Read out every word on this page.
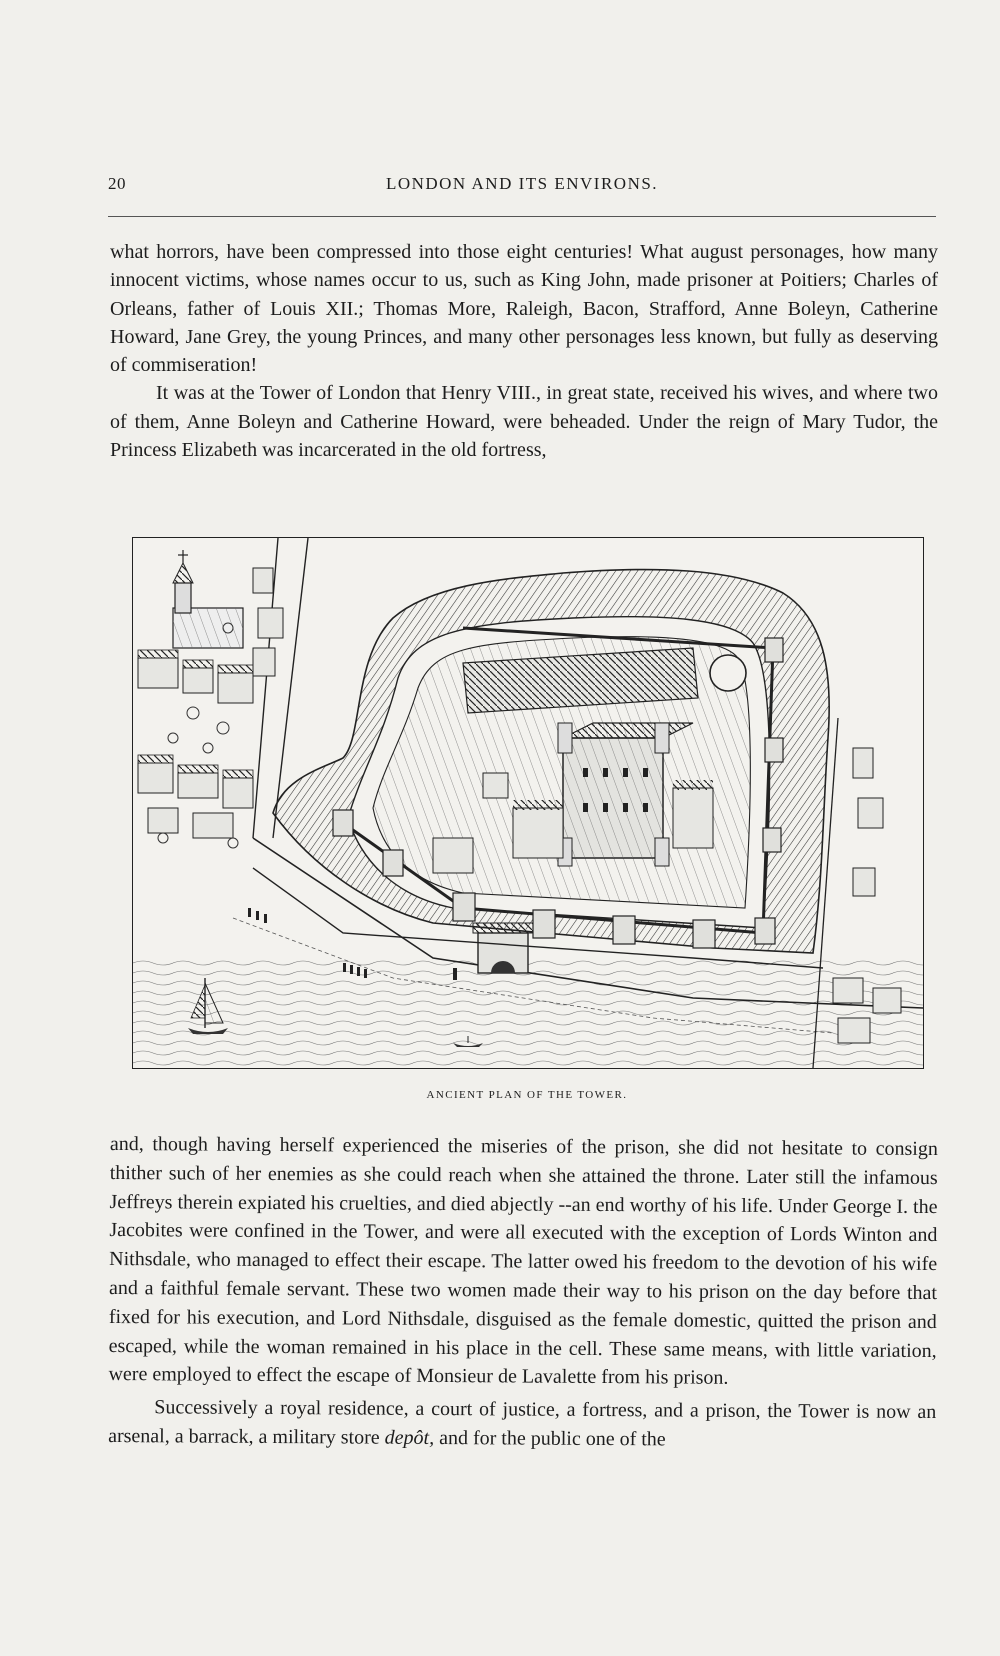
20	LONDON AND ITS ENVIRONS.

what horrors, have been compressed into those eight centuries! What august personages, how many innocent victims, whose names occur to us, such as King John, made prisoner at Poitiers; Charles of Orleans, father of Louis XII.; Thomas More, Raleigh, Bacon, Strafford, Anne Boleyn, Catherine Howard, Jane Grey, the young Princes, and many other personages less known, but fully as deserving of commiseration!

It was at the Tower of London that Henry VIII., in great state, received his wives, and where two of them, Anne Boleyn and Catherine Howard, were beheaded. Under the reign of Mary Tudor, the Princess Elizabeth was incarcerated in the old fortress,

ANCIENT PLAN OF THE TOWER.

and, though having herself experienced the miseries of the prison, she did not hesitate to consign thither such of her enemies as she could reach when she attained the throne. Later still the infamous Jeffreys therein expiated his cruelties, and died abjectly --an end worthy of his life. Under George I. the Jacobites were confined in the Tower, and were all executed with the exception of Lords Winton and Nithsdale, who managed to effect their escape. The latter owed his freedom to the devotion of his wife and a faithful female servant. These two women made their way to his prison on the day before that fixed for his execution, and Lord Nithsdale, disguised as the female domestic, quitted the prison and escaped, while the woman remained in his place in the cell. These same means, with little variation, were employed to effect the escape of Monsieur de Lavalette from his prison.

Successively a royal residence, a court of justice, a fortress, and a prison, the Tower is now an arsenal, a barrack, a military store depôt, and for the public one of the
